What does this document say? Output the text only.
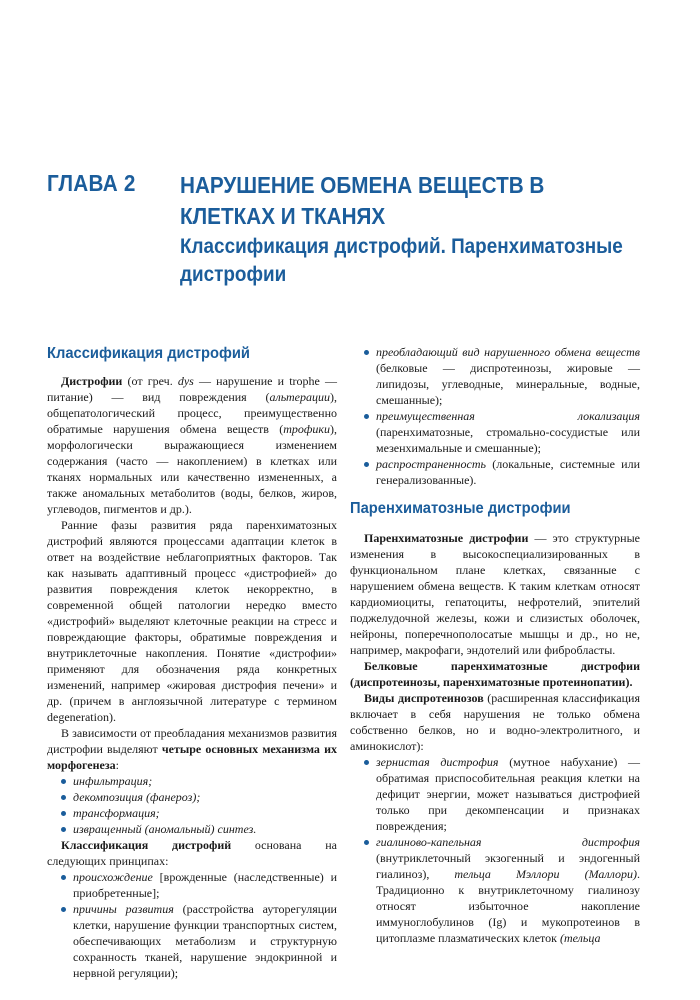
ГЛАВА 2 НАРУШЕНИЕ ОБМЕНА ВЕЩЕСТВ В КЛЕТКАХ И ТКАНЯХ
Классификация дистрофий. Паренхиматозные дистрофии
Классификация дистрофий

Дистрофии (от греч. dys — нарушение и trophe — питание) — вид повреждения (альтерации), общепатологический процесс, преимущественно обратимые нарушения обмена веществ (трофики), морфологически выражающиеся изменением содержания (часто — накоплением) в клетках или тканях нормальных или качественно измененных, а также аномальных метаболитов (воды, белков, жиров, углеводов, пигментов и др.).

Ранние фазы развития ряда паренхиматозных дистрофий являются процессами адаптации клеток в ответ на воздействие неблагоприятных факторов. Так как называть адаптивный процесс «дистрофией» до развития повреждения клеток некорректно, в современной общей патологии нередко вместо «дистрофий» выделяют клеточные реакции на стресс и повреждающие факторы, обратимые повреждения и внутриклеточные накопления. Понятие «дистрофии» применяют для обозначения ряда конкретных изменений, например «жировая дистрофия печени» и др. (причем в англоязычной литературе с термином degeneration).

В зависимости от преобладания механизмов развития дистрофии выделяют четыре основных механизма их морфогенеза:

инфильтрация;
декомпозиция (фанероз);
трансформация;
извращенный (аномальный) синтез.

Классификация дистрофий основана на следующих принципах:

происхождение [врожденные (наследственные) и приобретенные];
причины развития (расстройства ауторегуляции клетки, нарушение функции транспортных систем, обеспечивающих метаболизм и структурную сохранность тканей, нарушение эндокринной и нервной регуляции);
преобладающий вид нарушенного обмена веществ (белковые — диспротеинозы, жировые — липидозы, углеводные, минеральные, водные, смешанные);
преимущественная локализация (паренхиматозные, стромально-сосудистые или мезенхимальные и смешанные);
распространенность (локальные, системные или генерализованные).
Паренхиматозные дистрофии

Паренхиматозные дистрофии — это структурные изменения в высокоспециализированных в функциональном плане клетках, связанные с нарушением обмена веществ. К таким клеткам относят кардиомиоциты, гепатоциты, нефротелий, эпителий поджелудочной железы, кожи и слизистых оболочек, нейроны, поперечнополосатые мышцы и др., но не, например, макрофаги, эндотелий или фибробласты.

Белковые паренхиматозные дистрофии (диспротеинозы, паренхиматозные протеинопатии).

Виды диспротеинозов (расширенная классификация включает в себя нарушения не только обмена собственно белков, но и водно-электролитного, и аминокислот):

зернистая дистрофия (мутное набухание) — обратимая приспособительная реакция клетки на дефицит энергии, может называться дистрофией только при декомпенсации и признаках повреждения;
гиалиново-капельная дистрофия (внутриклеточный экзогенный и эндогенный гиалиноз), тельца Мэллори (Маллори). Традиционно к внутриклеточному гиалинозу относят избыточное накопление иммуноглобулинов (Ig) и мукопротеинов в цитоплазме плазматических клеток (тельца
